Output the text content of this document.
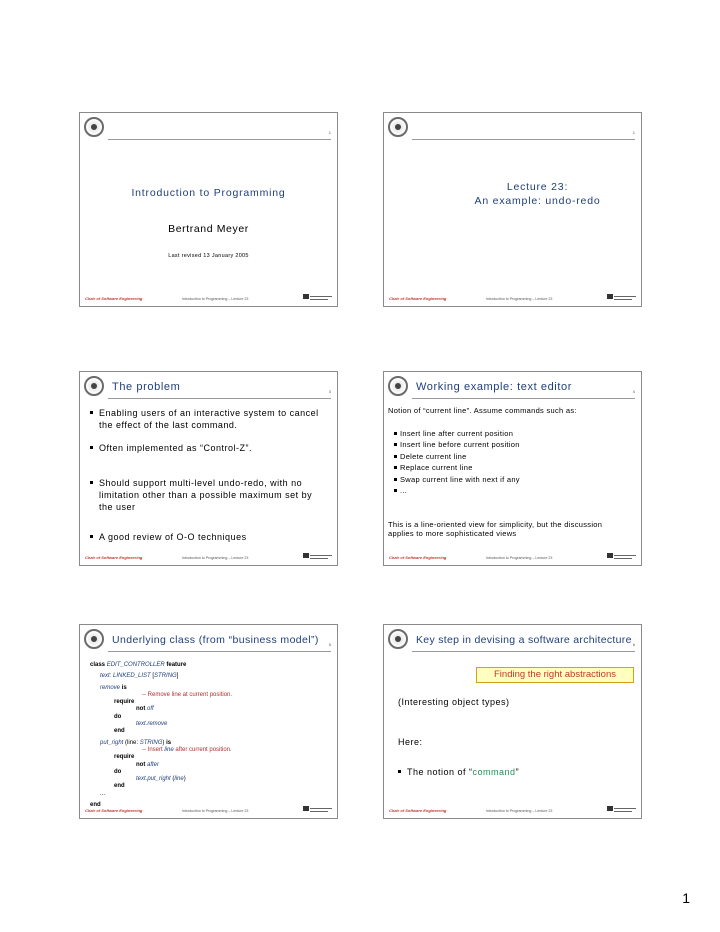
1
Introduction to Programming
Bertrand Meyer
Last revised 13 January 2005
Chair of Software Engineering	Introduction to Programming – Lecture 23
1
Lecture 23:
An example: undo-redo
Chair of Software Engineering	Introduction to Programming – Lecture 23
3
The problem
Enabling users of an interactive system to cancel the effect of the last command.
Often implemented as “Control-Z”.
Should support multi-level undo-redo, with no limitation other than a possible maximum set by the user
A good review of O-O techniques
Chair of Software Engineering	Introduction to Programming – Lecture 23
4
Working example: text editor
Notion of “current line”. Assume commands such as:
Insert line after current position
Insert line before current position
Delete current line
Replace current line
Swap current line with next if any
...
This is a line-oriented view for simplicity, but the discussion applies to more sophisticated views
Chair of Software Engineering	Introduction to Programming – Lecture 23
5
Underlying class (from “business model”)
class EDIT_CONTROLLER feature
text: LINKED_LIST [STRING]
remove is
-- Remove line at current position.
require
not off
do
text.remove
end
put_right (line: STRING) is
-- Insert line after current position.
require
not after
do
text.put_right (line)
end
...
end
Chair of Software Engineering	Introduction to Programming – Lecture 23
6
Key step in devising a software architecture
Finding the right abstractions
(Interesting object types)
Here:
The notion of “command”
Chair of Software Engineering	Introduction to Programming – Lecture 23
1
